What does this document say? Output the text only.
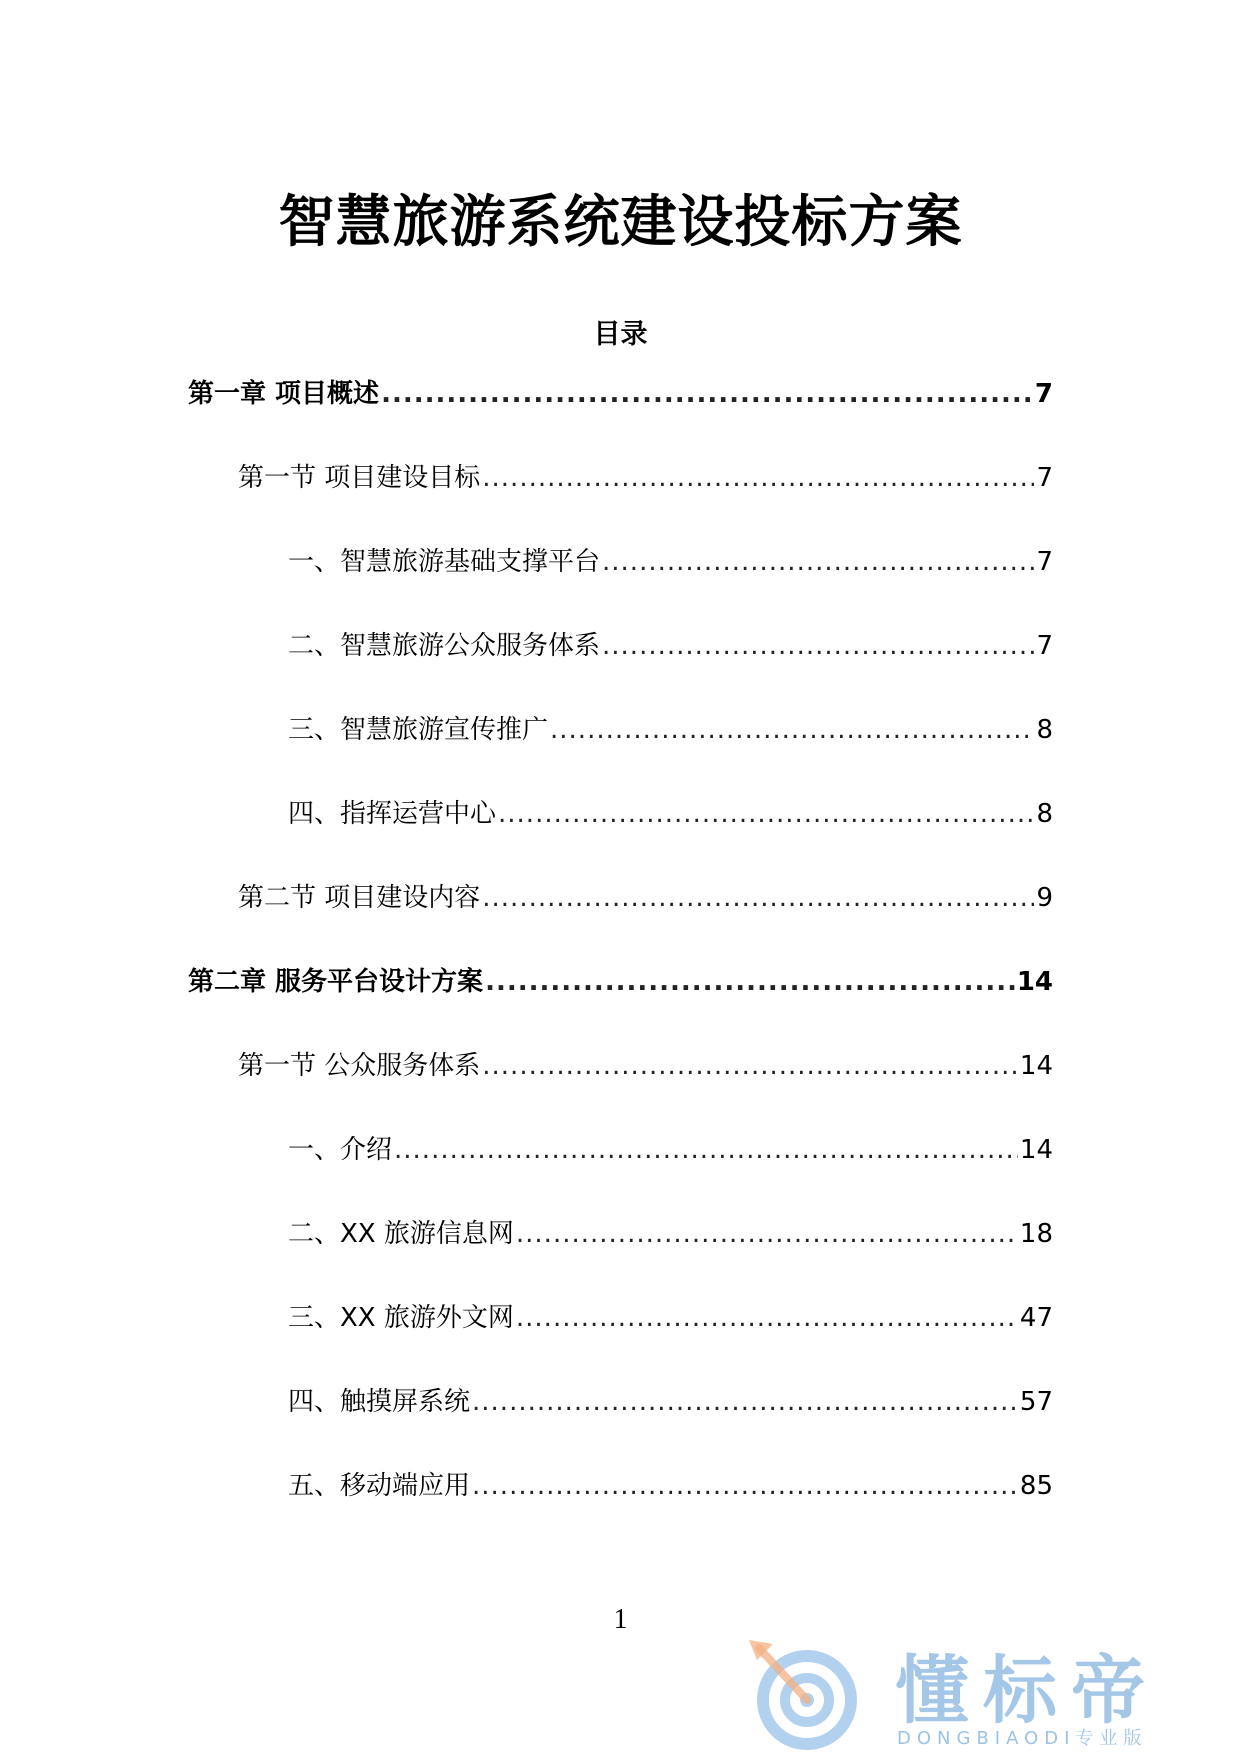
智慧旅游系统建设投标方案
目录
第一章 项目概述 .....	7
第一节 项目建设目标 .....	7
一、智慧旅游基础支撑平台 .....	7
二、智慧旅游公众服务体系 .....	7
三、智慧旅游宣传推广 .....	8
四、指挥运营中心 .....	8
第二节 项目建设内容 .....	9
第二章 服务平台设计方案 .....	14
第一节 公众服务体系 .....	14
一、介绍 .....	14
二、XX 旅游信息网 .....	18
三、XX 旅游外文网 .....	47
四、触摸屏系统 .....	57
五、移动端应用 .....	85
1
懂标帝
DONGBIAODI专业版
